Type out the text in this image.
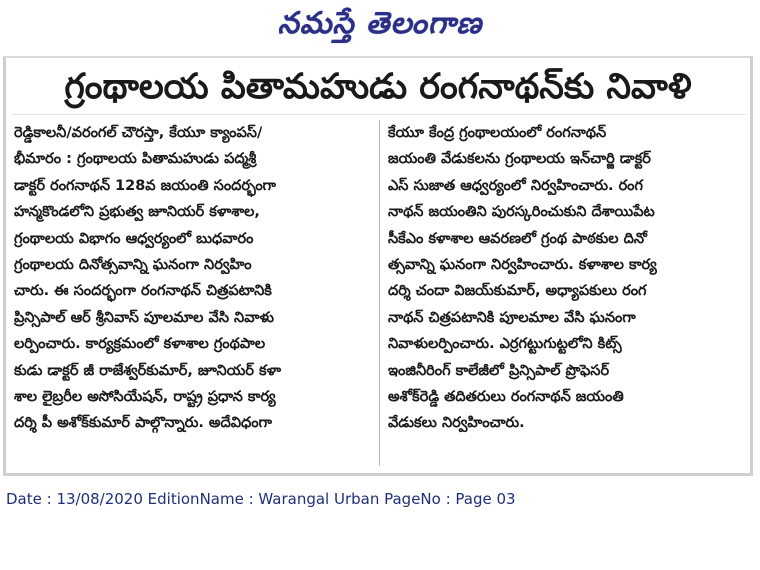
నమస్తే తెలంగాణ
గ్రంథాలయ పితామహుడు రంగనాథన్‌కు నివాళి
రెడ్డికాలనీ/వరంగల్ చౌరస్తా, కేయూ క్యాంపస్/
భీమారం : గ్రంథాలయ పితామహుడు పద్మశ్రీ
డాక్టర్ రంగనాథన్ 128వ జయంతి సందర్భంగా
హన్మకొండలోని ప్రభుత్వ జూనియర్ కళాశాల,
గ్రంథాలయ విభాగం ఆధ్వర్యంలో బుధవారం
గ్రంథాలయ దినోత్సవాన్ని ఘనంగా నిర్వహిం
చారు. ఈ సందర్భంగా రంగనాథన్ చిత్రపటానికి
ప్రిన్సిపాల్ ఆర్ శ్రీనివాస్ పూలమాల వేసి నివాళు
లర్పించారు. కార్యక్రమంలో కళాశాల గ్రంథపాల
కుడు డాక్టర్ జీ రాజేశ్వర్‌కుమార్, జూనియర్ కళా
శాల లైబ్రరీల అసోసియేషన్, రాష్ట్ర ప్రధాన కార్య
దర్శి పీ అశోక్‌కుమార్ పాల్గొన్నారు. అదేవిధంగా
కేయూ కేంద్ర గ్రంథాలయంలో రంగనాథన్
జయంతి వేడుకలను గ్రంథాలయ ఇన్‌చార్జి డాక్టర్
ఎస్ సుజాత ఆధ్వర్యంలో నిర్వహించారు. రంగ
నాథన్ జయంతిని పురస్కరించుకుని దేశాయిపేట
సీకేఎం కళాశాల ఆవరణలో గ్రంథ పాఠకుల దినో
త్సవాన్ని ఘనంగా నిర్వహించారు. కళాశాల కార్య
దర్శి చందా విజయ్‌కుమార్, అధ్యాపకులు రంగ
నాథన్ చిత్రపటానికి పూలమాల వేసి ఘనంగా
నివాళులర్పించారు. ఎర్రగట్టుగుట్టలోని కిట్స్
ఇంజినీరింగ్ కాలేజీలో ప్రిన్సిపాల్ ప్రొఫెసర్
అశోక్‌రెడ్డి తదితరులు రంగనాథన్ జయంతి
వేడుకలు నిర్వహించారు.
Date : 13/08/2020 EditionName : Warangal Urban PageNo : Page 03
